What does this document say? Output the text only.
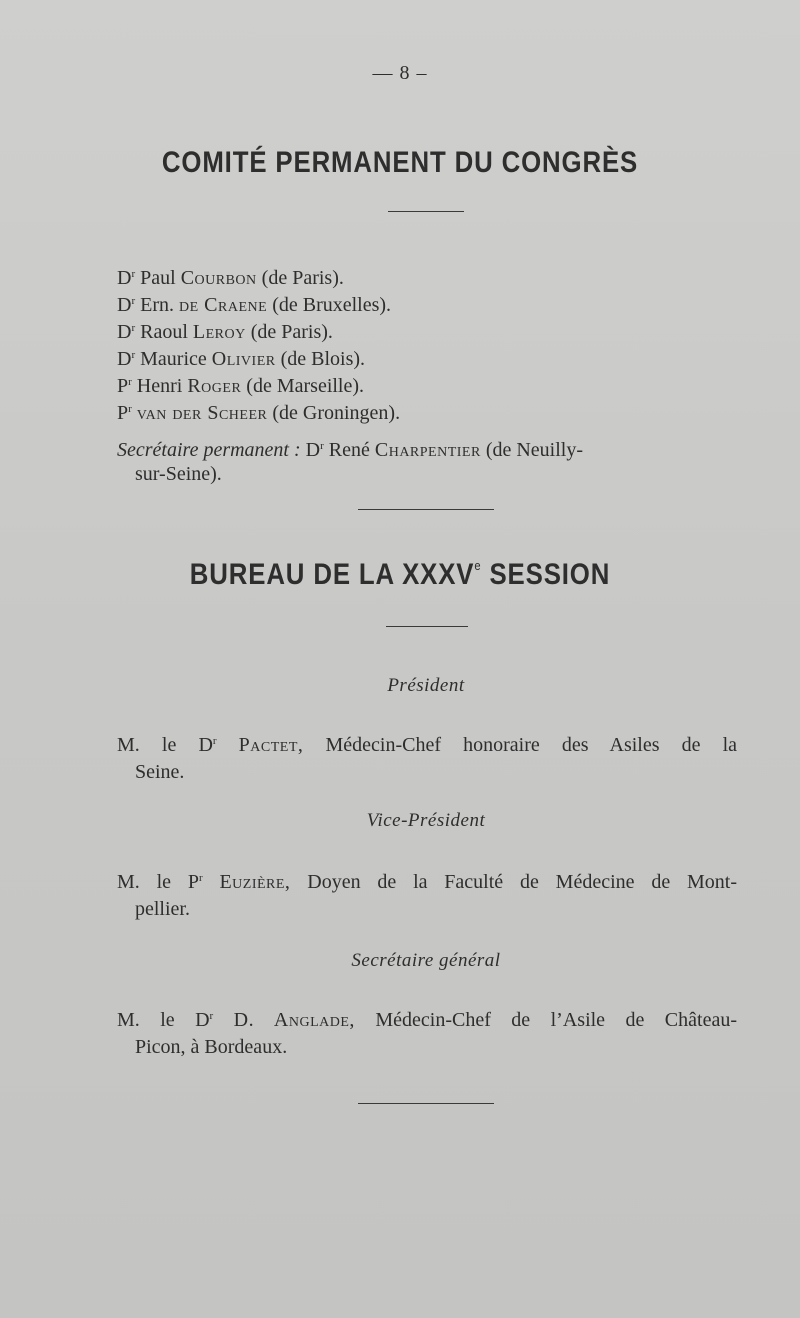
— 8 –
COMITÉ PERMANENT DU CONGRÈS
$D^r$ Paul Courbon (de Paris).
$D^r$ Ern. de Craene (de Bruxelles).
$D^r$ Raoul Leroy (de Paris).
$D^r$ Maurice Olivier (de Blois).
$P^r$ Henri Roger (de Marseille).
$P^r$ van der Scheer (de Groningen).
Secrétaire permanent : $D^r$ René Charpentier (de Neuilly-
sur-Seine).
BUREAU DE LA XXXVe SESSION
Président
M. le $D^r$ Pactet, Médecin-Chef honoraire des Asiles de la
Seine.
Vice-Président
M. le $P^r$ Euzière, Doyen de la Faculté de Médecine de Mont-
pellier.
Secrétaire général
M. le $D^r$ D. Anglade, Médecin-Chef de l’Asile de Château-
Picon, à Bordeaux.
